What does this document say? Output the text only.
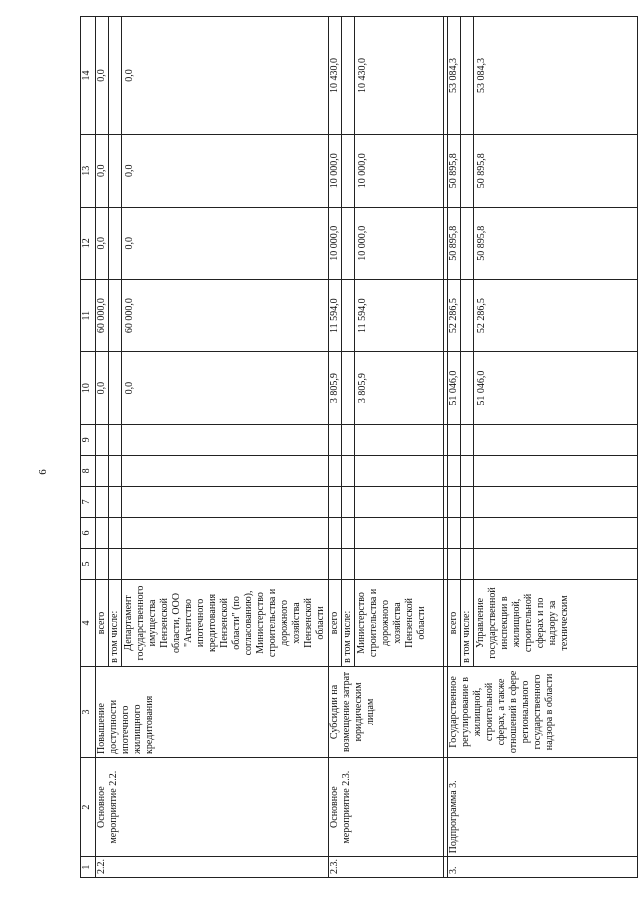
6
1	2	3	4	5	6	7	8	9	10	11	12	13	14
2.2.	Основное мероприятие 2.2.	Повышение доступности ипотечного жилищного кредитования	всего						0,0	60 000,0	0,0	0,0	0,0
			в том числе:										
			Департамент государственного имущества Пензенской области, ООО "Агентство ипотечного кредитования Пензенской области" (по согласованию), Министерство строительства и дорожного хозяйства Пензенской области						0,0	60 000,0	0,0	0,0	0,0
2.3.	Основное мероприятие 2.3.	Субсидии на возмещение затрат юридическим лицам	всего						3 805,9	11 594,0	10 000,0	10 000,0	10 430,0
			в том числе:										
			Министерство строительства и дорожного хозяйства Пензенской области						3 805,9	11 594,0	10 000,0	10 000,0	10 430,0

3.	Подпрограмма 3.	Государственное регулирование в жилищной, строительной сферах, а также отношений в сфере регионального государственного надзора в области	всего						51 046,0	52 286,5	50 895,8	50 895,8	53 084,3
			в том числе:										
			Управление государственной инспекции в жилищной, строительной сферах и по надзору за техническим						51 046,0	52 286,5	50 895,8	50 895,8	53 084,3
